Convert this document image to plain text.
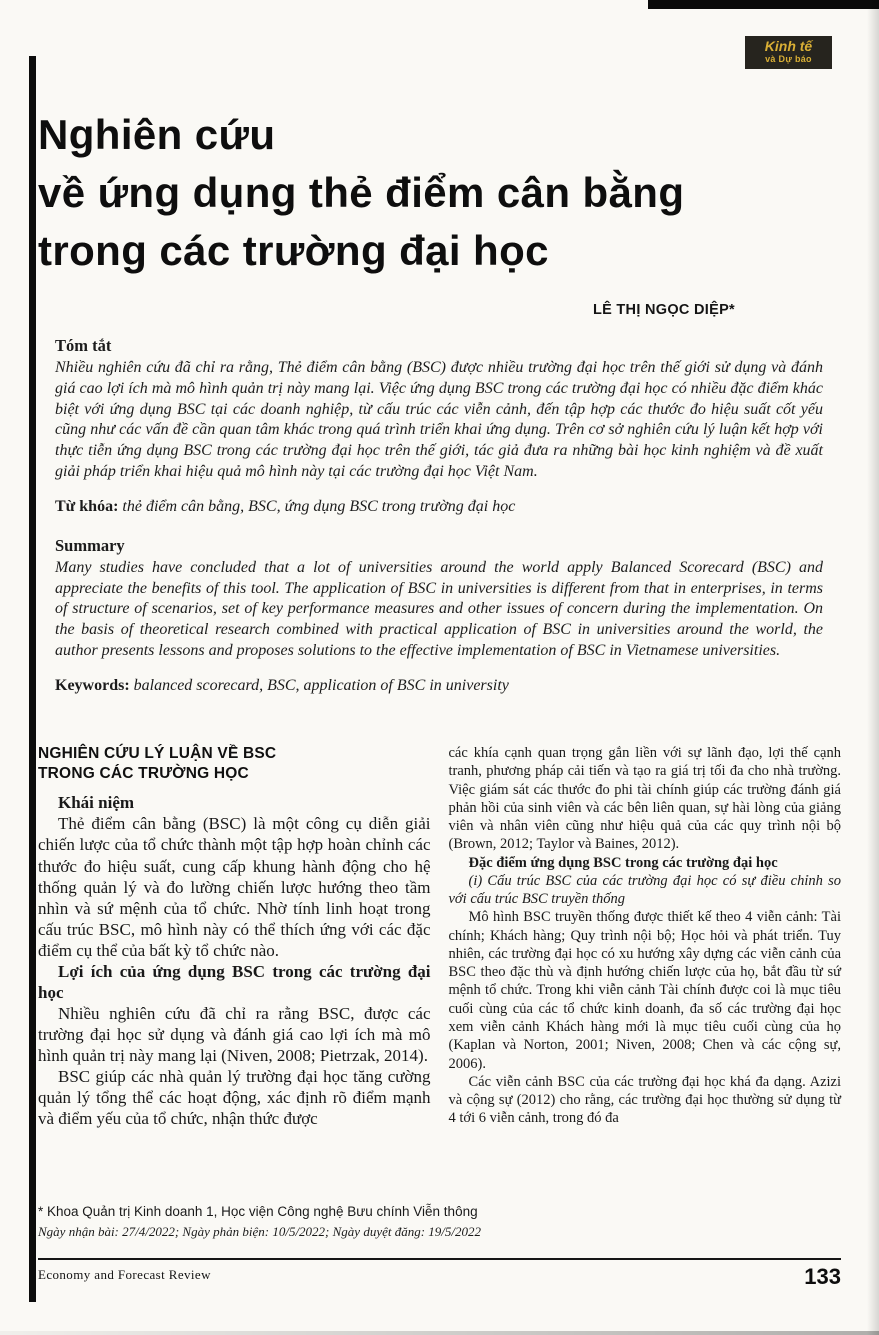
Kinh tế
và Dự báo
Nghiên cứu
về ứng dụng thẻ điểm cân bằng
trong các trường đại học
LÊ THỊ NGỌC DIỆP*
Tóm tắt

Nhiều nghiên cứu đã chỉ ra rằng, Thẻ điểm cân bằng (BSC) được nhiều trường đại học trên thế giới sử dụng và đánh giá cao lợi ích mà mô hình quản trị này mang lại. Việc ứng dụng BSC trong các trường đại học có nhiều đặc điểm khác biệt với ứng dụng BSC tại các doanh nghiệp, từ cấu trúc các viễn cảnh, đến tập hợp các thước đo hiệu suất cốt yếu cũng như các vấn đề cần quan tâm khác trong quá trình triển khai ứng dụng. Trên cơ sở nghiên cứu lý luận kết hợp với thực tiễn ứng dụng BSC trong các trường đại học trên thế giới, tác giả đưa ra những bài học kinh nghiệm và đề xuất giải pháp triển khai hiệu quả mô hình này tại các trường đại học Việt Nam.

Từ khóa: thẻ điểm cân bằng, BSC, ứng dụng BSC trong trường đại học

Summary

Many studies have concluded that a lot of universities around the world apply Balanced Scorecard (BSC) and appreciate the benefits of this tool. The application of BSC in universities is different from that in enterprises, in terms of structure of scenarios, set of key performance measures and other issues of concern during the implementation. On the basis of theoretical research combined with practical application of BSC in universities around the world, the author presents lessons and proposes solutions to the effective implementation of BSC in Vietnamese universities.

Keywords: balanced scorecard, BSC, application of BSC in university

NGHIÊN CỨU LÝ LUẬN VỀ BSC
TRONG CÁC TRƯỜNG HỌC

Khái niệm

Thẻ điểm cân bằng (BSC) là một công cụ diễn giải chiến lược của tổ chức thành một tập hợp hoàn chỉnh các thước đo hiệu suất, cung cấp khung hành động cho hệ thống quản lý và đo lường chiến lược hướng theo tầm nhìn và sứ mệnh của tổ chức. Nhờ tính linh hoạt trong cấu trúc BSC, mô hình này có thể thích ứng với các đặc điểm cụ thể của bất kỳ tổ chức nào.

Lợi ích của ứng dụng BSC trong các trường đại học

Nhiều nghiên cứu đã chỉ ra rằng BSC, được các trường đại học sử dụng và đánh giá cao lợi ích mà mô hình quản trị này mang lại (Niven, 2008; Pietrzak, 2014).

BSC giúp các nhà quản lý trường đại học tăng cường quản lý tổng thể các hoạt động, xác định rõ điểm mạnh và điểm yếu của tổ chức, nhận thức được

các khía cạnh quan trọng gắn liền với sự lãnh đạo, lợi thế cạnh tranh, phương pháp cải tiến và tạo ra giá trị tối đa cho nhà trường. Việc giám sát các thước đo phi tài chính giúp các trường đánh giá phản hồi của sinh viên và các bên liên quan, sự hài lòng của giảng viên và nhân viên cũng như hiệu quả của các quy trình nội bộ (Brown, 2012; Taylor và Baines, 2012).

Đặc điểm ứng dụng BSC trong các trường đại học

(i) Cấu trúc BSC của các trường đại học có sự điều chỉnh so với cấu trúc BSC truyền thống

Mô hình BSC truyền thống được thiết kế theo 4 viễn cảnh: Tài chính; Khách hàng; Quy trình nội bộ; Học hỏi và phát triển. Tuy nhiên, các trường đại học có xu hướng xây dựng các viễn cảnh của BSC theo đặc thù và định hướng chiến lược của họ, bắt đầu từ sứ mệnh tổ chức. Trong khi viễn cảnh Tài chính được coi là mục tiêu cuối cùng của các tổ chức kinh doanh, đa số các trường đại học xem viễn cảnh Khách hàng mới là mục tiêu cuối cùng của họ (Kaplan và Norton, 2001; Niven, 2008; Chen và các cộng sự, 2006).

Các viễn cảnh BSC của các trường đại học khá đa dạng. Azizi và cộng sự (2012) cho rằng, các trường đại học thường sử dụng từ 4 tới 6 viễn cảnh, trong đó đa

* Khoa Quản trị Kinh doanh 1, Học viện Công nghệ Bưu chính Viễn thông

Ngày nhận bài: 27/4/2022; Ngày phản biện: 10/5/2022; Ngày duyệt đăng: 19/5/2022

Economy and Forecast Review	133
